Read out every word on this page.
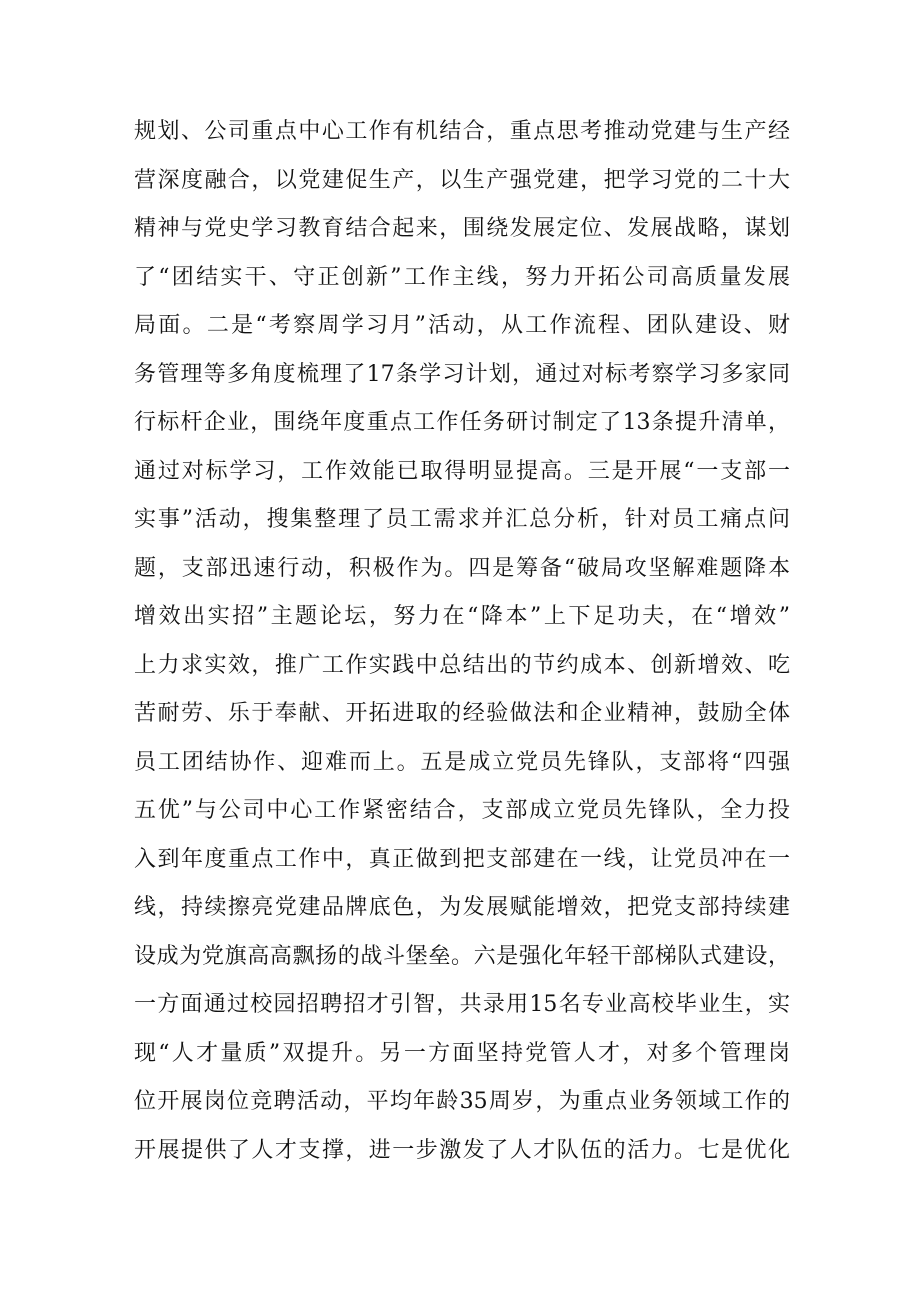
规划、公司重点中心工作有机结合，重点思考推动党建与生产经
营深度融合，以党建促生产，以生产强党建，把学习党的二十大
精神与党史学习教育结合起来，围绕发展定位、发展战略，谋划
了“团结实干、守正创新”工作主线，努力开拓公司高质量发展
局面。二是“考察周学习月”活动，从工作流程、团队建设、财
务管理等多角度梳理了17条学习计划，通过对标考察学习多家同
行标杆企业，围绕年度重点工作任务研讨制定了13条提升清单，
通过对标学习，工作效能已取得明显提高。三是开展“一支部一
实事”活动，搜集整理了员工需求并汇总分析，针对员工痛点问
题，支部迅速行动，积极作为。四是筹备“破局攻坚解难题降本
增效出实招”主题论坛，努力在“降本”上下足功夫，在“增效”
上力求实效，推广工作实践中总结出的节约成本、创新增效、吃
苦耐劳、乐于奉献、开拓进取的经验做法和企业精神，鼓励全体
员工团结协作、迎难而上。五是成立党员先锋队，支部将“四强
五优”与公司中心工作紧密结合，支部成立党员先锋队，全力投
入到年度重点工作中，真正做到把支部建在一线，让党员冲在一
线，持续擦亮党建品牌底色，为发展赋能增效，把党支部持续建
设成为党旗高高飘扬的战斗堡垒。六是强化年轻干部梯队式建设，
一方面通过校园招聘招才引智，共录用15名专业高校毕业生，实
现“人才量质”双提升。另一方面坚持党管人才，对多个管理岗
位开展岗位竞聘活动，平均年龄35周岁，为重点业务领域工作的
开展提供了人才支撑，进一步激发了人才队伍的活力。七是优化
